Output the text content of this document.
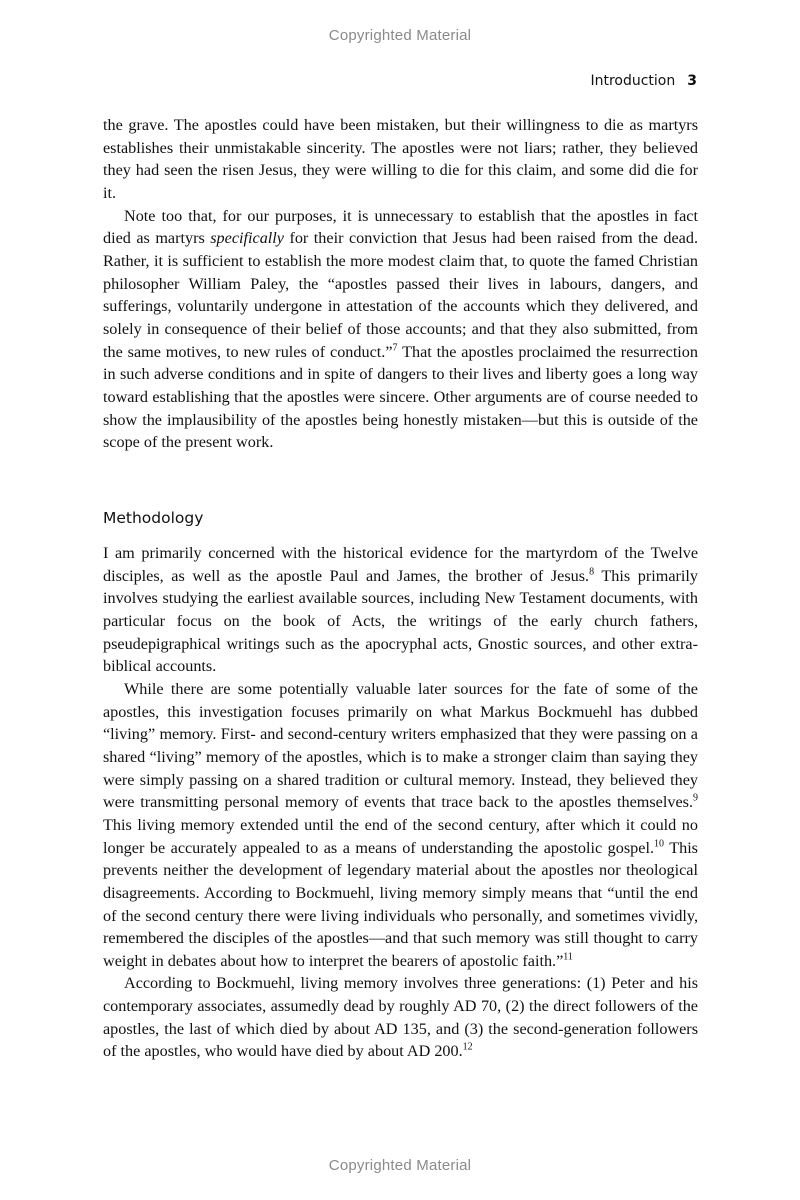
Copyrighted Material
Introduction 3

the grave. The apostles could have been mistaken, but their willingness to die as martyrs establishes their unmistakable sincerity. The apostles were not liars; rather, they believed they had seen the risen Jesus, they were willing to die for this claim, and some did die for it.

Note too that, for our purposes, it is unnecessary to establish that the apostles in fact died as martyrs specifically for their conviction that Jesus had been raised from the dead. Rather, it is sufficient to establish the more modest claim that, to quote the famed Christian philosopher William Paley, the “apostles passed their lives in labours, dangers, and sufferings, voluntarily undergone in attestation of the accounts which they delivered, and solely in consequence of their belief of those accounts; and that they also submitted, from the same motives, to new rules of conduct.”$^7$ That the apostles proclaimed the resurrection in such adverse conditions and in spite of dangers to their lives and liberty goes a long way toward establishing that the apostles were sincere. Other arguments are of course needed to show the implausibility of the apostles being honestly mistaken—but this is outside of the scope of the present work.

Methodology

I am primarily concerned with the historical evidence for the martyrdom of the Twelve disciples, as well as the apostle Paul and James, the brother of Jesus.$^8$ This primarily involves studying the earliest available sources, including New Testament documents, with particular focus on the book of Acts, the writings of the early church fathers, pseudepigraphical writings such as the apocryphal acts, Gnostic sources, and other extra-biblical accounts.

While there are some potentially valuable later sources for the fate of some of the apostles, this investigation focuses primarily on what Markus Bockmuehl has dubbed “living” memory. First- and second-century writers emphasized that they were passing on a shared “living” memory of the apostles, which is to make a stronger claim than saying they were simply passing on a shared tradition or cultural memory. Instead, they believed they were transmitting personal memory of events that trace back to the apostles themselves.$^9$ This living memory extended until the end of the second century, after which it could no longer be accurately appealed to as a means of understanding the apostolic gospel.$^{10}$ This prevents neither the development of legendary material about the apostles nor theological disagreements. According to Bockmuehl, living memory simply means that “until the end of the second century there were living individuals who personally, and sometimes vividly, remembered the disciples of the apostles—and that such memory was still thought to carry weight in debates about how to interpret the bearers of apostolic faith.”$^{11}$

According to Bockmuehl, living memory involves three generations: (1) Peter and his contemporary associates, assumedly dead by roughly AD 70, (2) the direct followers of the apostles, the last of which died by about AD 135, and (3) the second-generation followers of the apostles, who would have died by about AD 200.12

Copyrighted Material
